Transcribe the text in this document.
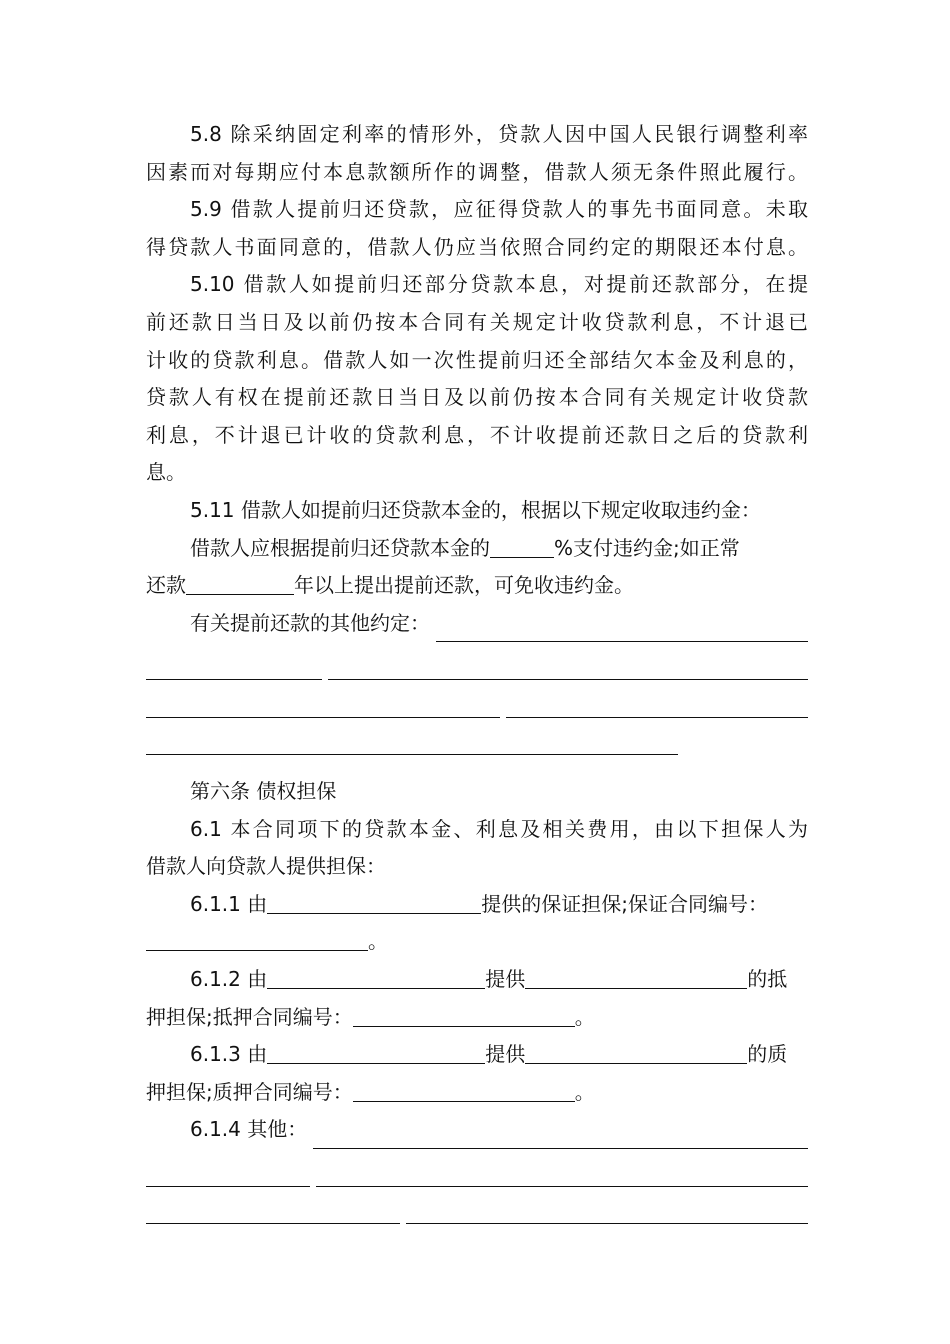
5.8 除采纳固定利率的情形外，贷款人因中国人民银行调整利率
因素而对每期应付本息款额所作的调整，借款人须无条件照此履行。
5.9 借款人提前归还贷款，应征得贷款人的事先书面同意。未取
得贷款人书面同意的，借款人仍应当依照合同约定的期限还本付息。
5.10 借款人如提前归还部分贷款本息，对提前还款部分，在提
前还款日当日及以前仍按本合同有关规定计收贷款利息，不计退已
计收的贷款利息。借款人如一次性提前归还全部结欠本金及利息的，
贷款人有权在提前还款日当日及以前仍按本合同有关规定计收贷款
利息，不计退已计收的贷款利息，不计收提前还款日之后的贷款利
息。
5.11 借款人如提前归还贷款本金的，根据以下规定收取违约金：
借款人应根据提前归还贷款本金的	%支付违约金;如正常
还款	年以上提出提前还款，可免收违约金。
有关提前还款的其他约定：
第六条 债权担保
6.1 本合同项下的贷款本金、利息及相关费用，由以下担保人为
借款人向贷款人提供担保：
6.1.1 由	提供的保证担保;保证合同编号：
。
6.1.2 由	提供	的抵
押担保;抵押合同编号：	。
6.1.3 由	提供	的质
押担保;质押合同编号：	。
6.1.4 其他：
